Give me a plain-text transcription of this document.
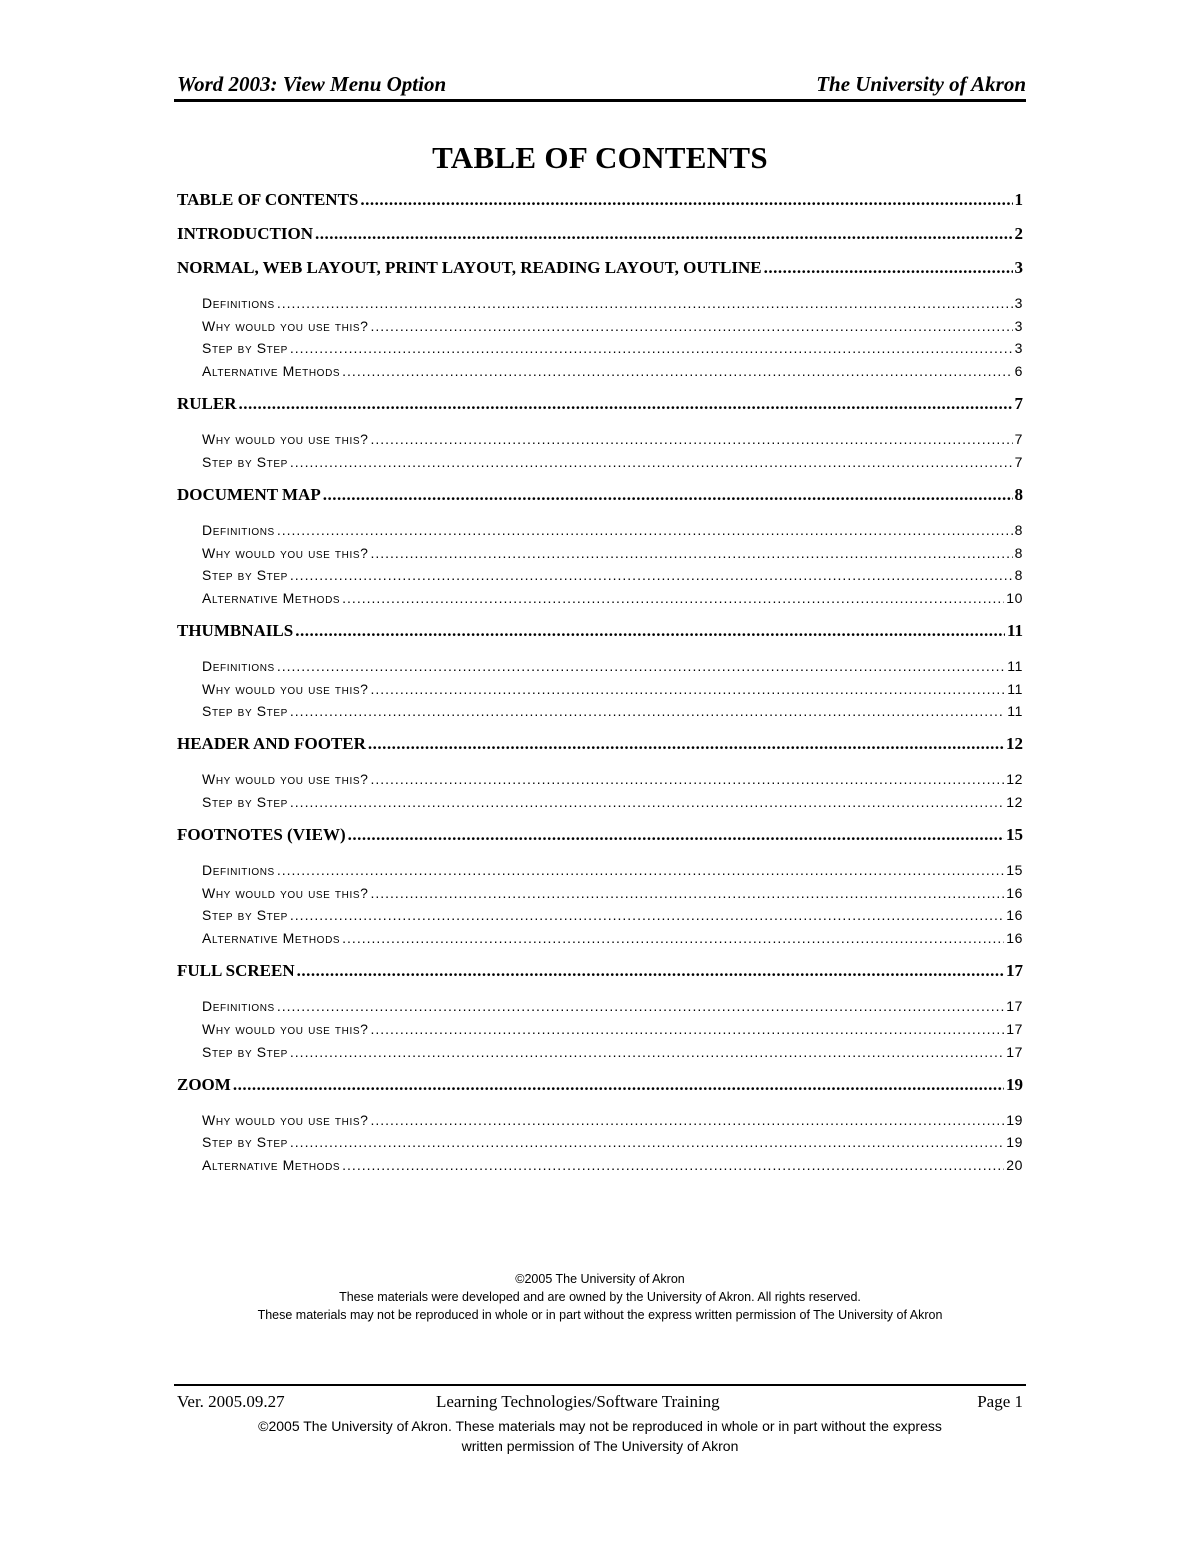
Word 2003: View Menu Option	The University of Akron
TABLE OF CONTENTS
TABLE OF CONTENTS .....	1
INTRODUCTION .....	2
NORMAL, WEB LAYOUT, PRINT LAYOUT, READING LAYOUT, OUTLINE .....	3
Definitions .....	3
Why would you use this? .....	3
Step by Step .....	3
Alternative Methods .....	6
RULER .....	7
Why would you use this? .....	7
Step by Step .....	7
DOCUMENT MAP .....	8
Definitions .....	8
Why would you use this? .....	8
Step by Step .....	8
Alternative Methods .....	10
THUMBNAILS .....	11
Definitions .....	11
Why would you use this? .....	11
Step by Step .....	11
HEADER AND FOOTER .....	12
Why would you use this? .....	12
Step by Step .....	12
FOOTNOTES (VIEW) .....	15
Definitions .....	15
Why would you use this? .....	16
Step by Step .....	16
Alternative Methods .....	16
FULL SCREEN .....	17
Definitions .....	17
Why would you use this? .....	17
Step by Step .....	17
ZOOM .....	19
Why would you use this? .....	19
Step by Step .....	19
Alternative Methods .....	20
©2005 The University of Akron
These materials were developed and are owned by the University of Akron. All rights reserved.
These materials may not be reproduced in whole or in part without the express written permission of The University of Akron
Ver. 2005.09.27	Learning Technologies/Software Training	Page 1
©2005 The University of Akron. These materials may not be reproduced in whole or in part without the express
written permission of The University of Akron
